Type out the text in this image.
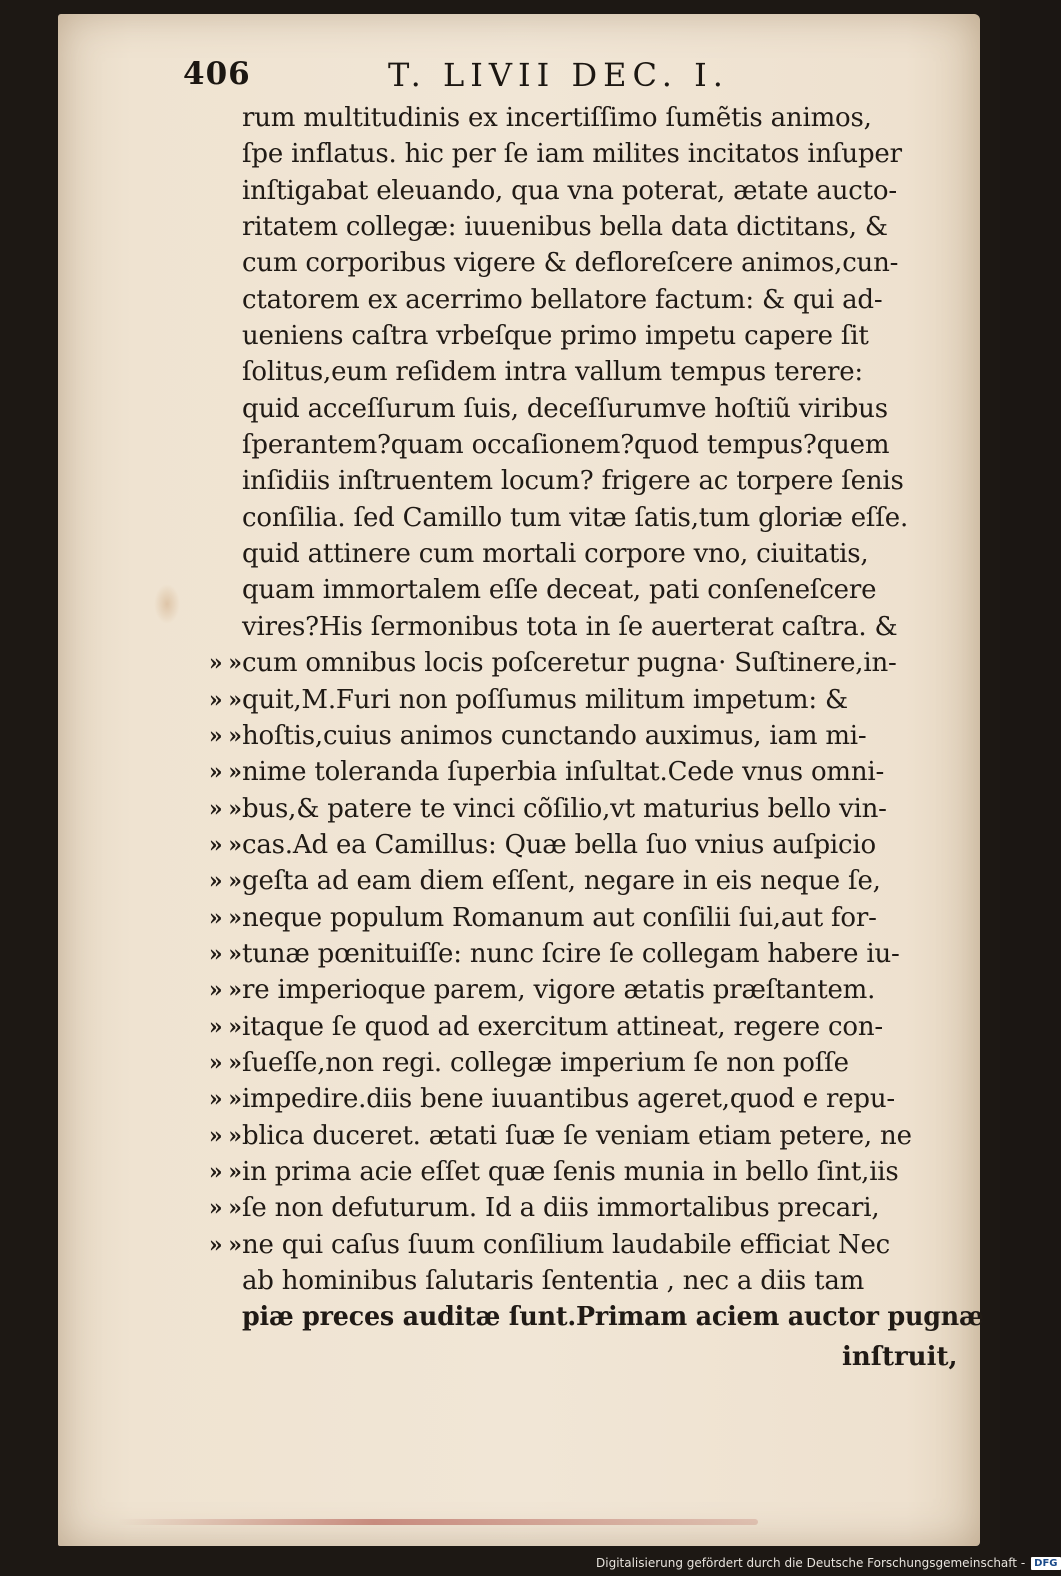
406	T. LIVII DEC. I.
rum multitudinis ex incertiſſimo ſumẽtis animos,
ſpe inflatus. hic per ſe iam milites incitatos inſuper
inſtigabat eleuando, qua vna poterat, ætate aucto-
ritatem collegæ: iuuenibus bella data dictitans, &
cum corporibus vigere & defloreſcere animos,cun-
ctatorem ex acerrimo bellatore factum: & qui ad-
ueniens caſtra vrbeſque primo impetu capere ſit
ſolitus,eum reſidem intra vallum tempus terere:
quid acceſſurum ſuis, deceſſurumve hoſtiũ viribus
ſperantem?quam occaſionem?quod tempus?quem
inſidiis inſtruentem locum? frigere ac torpere ſenis
conſilia. ſed Camillo tum vitæ ſatis,tum gloriæ eſſe.
quid attinere cum mortali corpore vno, ciuitatis,
quam immortalem eſſe deceat, pati conſeneſcere
vires?His ſermonibus tota in ſe auerterat caſtra. &
» » cum omnibus locis poſceretur pugna· Suſtinere,in-
» » quit,M.Furi non poſſumus militum impetum: &
» » hoſtis,cuius animos cunctando auximus, iam mi-
» » nime toleranda ſuperbia inſultat.Cede vnus omni-
» » bus,& patere te vinci cõſilio,vt maturius bello vin-
» » cas.Ad ea Camillus: Quæ bella ſuo vnius auſpicio
» » geſta ad eam diem eſſent, negare in eis neque ſe,
» » neque populum Romanum aut conſilii ſui,aut for-
» » tunæ pœnituiſſe: nunc ſcire ſe collegam habere iu-
» » re imperioque parem, vigore ætatis præſtantem.
» » itaque ſe quod ad exercitum attineat, regere con-
» » ſueſſe,non regi. collegæ imperium ſe non poſſe
» » impedire.diis bene iuuantibus ageret,quod e repu-
» » blica duceret. ætati ſuæ ſe veniam etiam petere, ne
» » in prima acie eſſet quæ ſenis munia in bello ſint,iis
» » ſe non defuturum. Id a diis immortalibus precari,
» » ne qui caſus ſuum conſilium laudabile efficiat Nec
ab hominibus ſalutaris ſententia , nec a diis tam
piæ preces auditæ ſunt.Primam aciem auctor pugnæ
inſtruit,
Digitalisierung gefördert durch die Deutsche Forschungsgemeinschaft - DFG
